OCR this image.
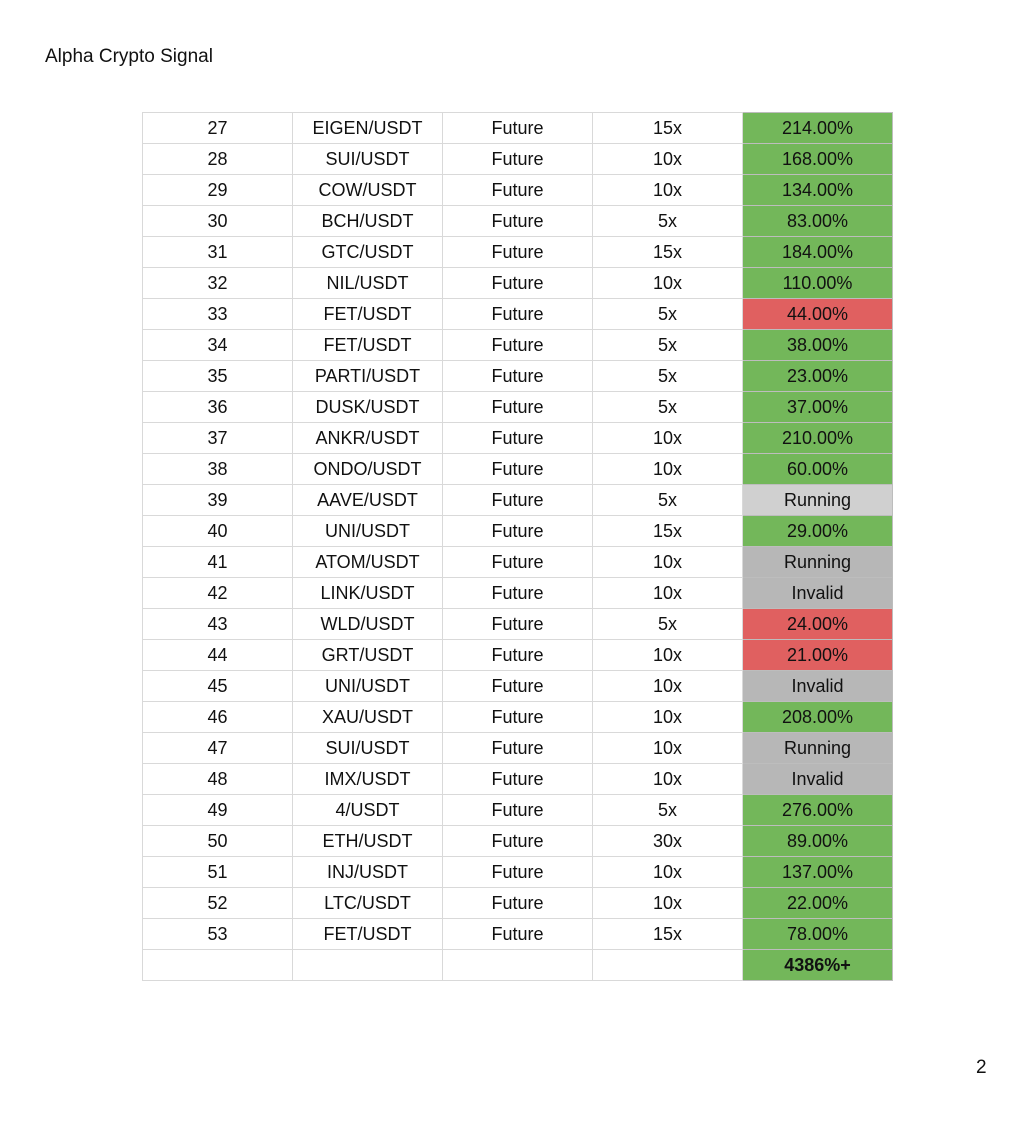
Alpha Crypto Signal
27	EIGEN/USDT	Future	15x	214.00%
28	SUI/USDT	Future	10x	168.00%
29	COW/USDT	Future	10x	134.00%
30	BCH/USDT	Future	5x	83.00%
31	GTC/USDT	Future	15x	184.00%
32	NIL/USDT	Future	10x	110.00%
33	FET/USDT	Future	5x	44.00%
34	FET/USDT	Future	5x	38.00%
35	PARTI/USDT	Future	5x	23.00%
36	DUSK/USDT	Future	5x	37.00%
37	ANKR/USDT	Future	10x	210.00%
38	ONDO/USDT	Future	10x	60.00%
39	AAVE/USDT	Future	5x	Running
40	UNI/USDT	Future	15x	29.00%
41	ATOM/USDT	Future	10x	Running
42	LINK/USDT	Future	10x	Invalid
43	WLD/USDT	Future	5x	24.00%
44	GRT/USDT	Future	10x	21.00%
45	UNI/USDT	Future	10x	Invalid
46	XAU/USDT	Future	10x	208.00%
47	SUI/USDT	Future	10x	Running
48	IMX/USDT	Future	10x	Invalid
49	4/USDT	Future	5x	276.00%
50	ETH/USDT	Future	30x	89.00%
51	INJ/USDT	Future	10x	137.00%
52	LTC/USDT	Future	10x	22.00%
53	FET/USDT	Future	15x	78.00%
				4386%+
2
